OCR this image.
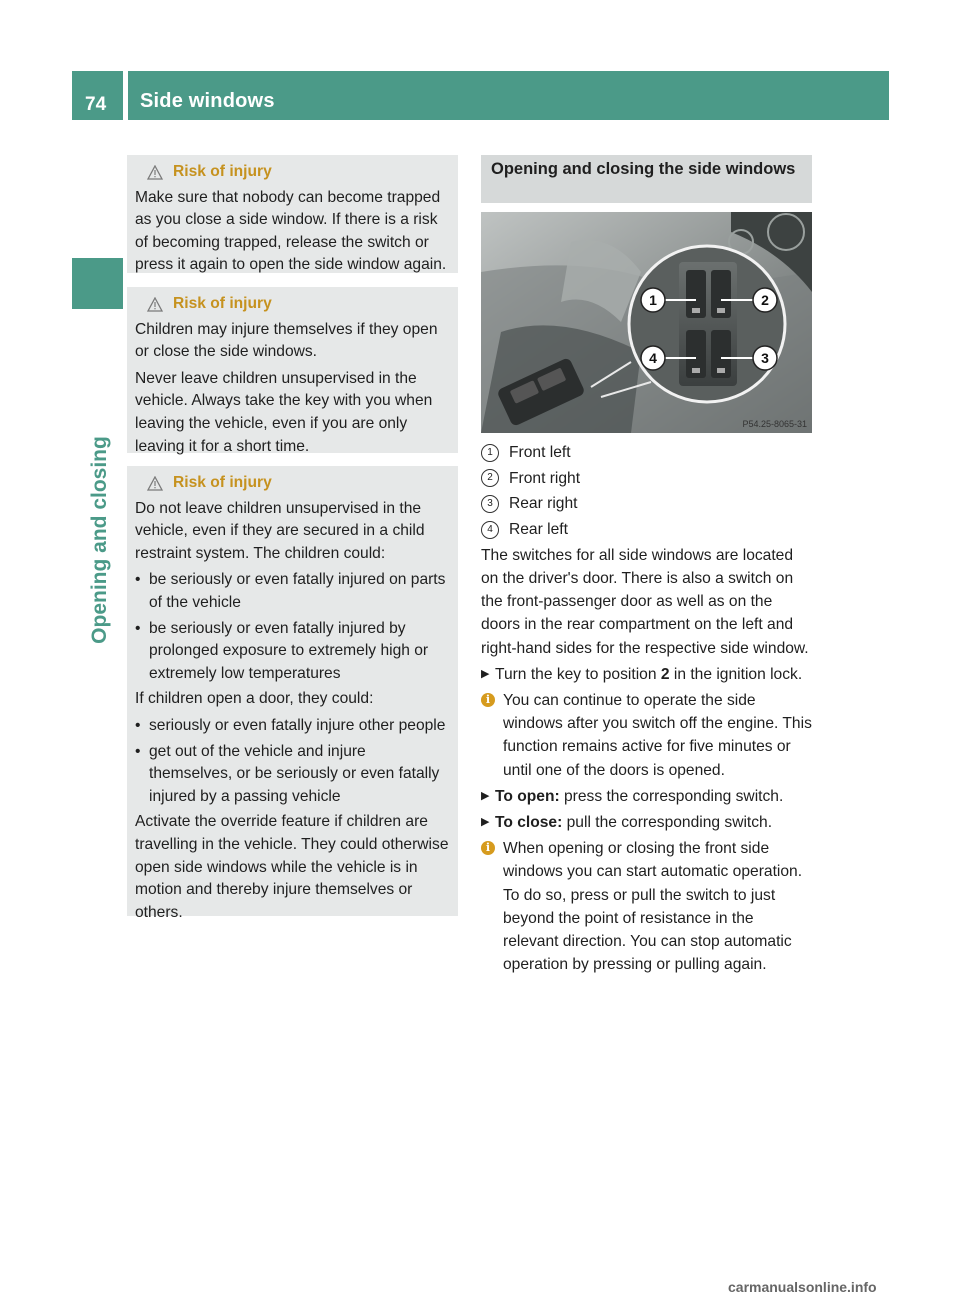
74 Side windows
Opening and closing
Risk of injury

Make sure that nobody can become trapped as you close a side window. If there is a risk of becoming trapped, release the switch or press it again to open the side window again.

Risk of injury

Children may injure themselves if they open or close the side windows.

Never leave children unsupervised in the vehicle. Always take the key with you when leaving the vehicle, even if you are only leaving it for a short time.

Risk of injury

Do not leave children unsupervised in the vehicle, even if they are secured in a child restraint system. The children could:

• be seriously or even fatally injured on parts of the vehicle
• be seriously or even fatally injured by prolonged exposure to extremely high or extremely low temperatures

If children open a door, they could:

• seriously or even fatally injure other people
• get out of the vehicle and injure themselves, or be seriously or even fatally injured by a passing vehicle

Activate the override feature if children are travelling in the vehicle. They could otherwise open side windows while the vehicle is in motion and thereby injure themselves or others.

Opening and closing the side windows
1	2
3
4
P54.25-8065-31
1	Front left
2	Front right
3	Rear right
4	Rear left

The switches for all side windows are located on the driver's door. There is also a switch on the front-passenger door as well as on the doors in the rear compartment on the left and right-hand sides for the respective side window.

▶ Turn the key to position 2 in the ignition lock.
i You can continue to operate the side windows after you switch off the engine. This function remains active for five minutes or until one of the doors is opened.
▶ To open: press the corresponding switch.
▶ To close: pull the corresponding switch.
i When opening or closing the front side windows you can start automatic operation. To do so, press or pull the switch to just beyond the point of resistance in the relevant direction. You can stop automatic operation by pressing or pulling again.
carmanualsonline.info
